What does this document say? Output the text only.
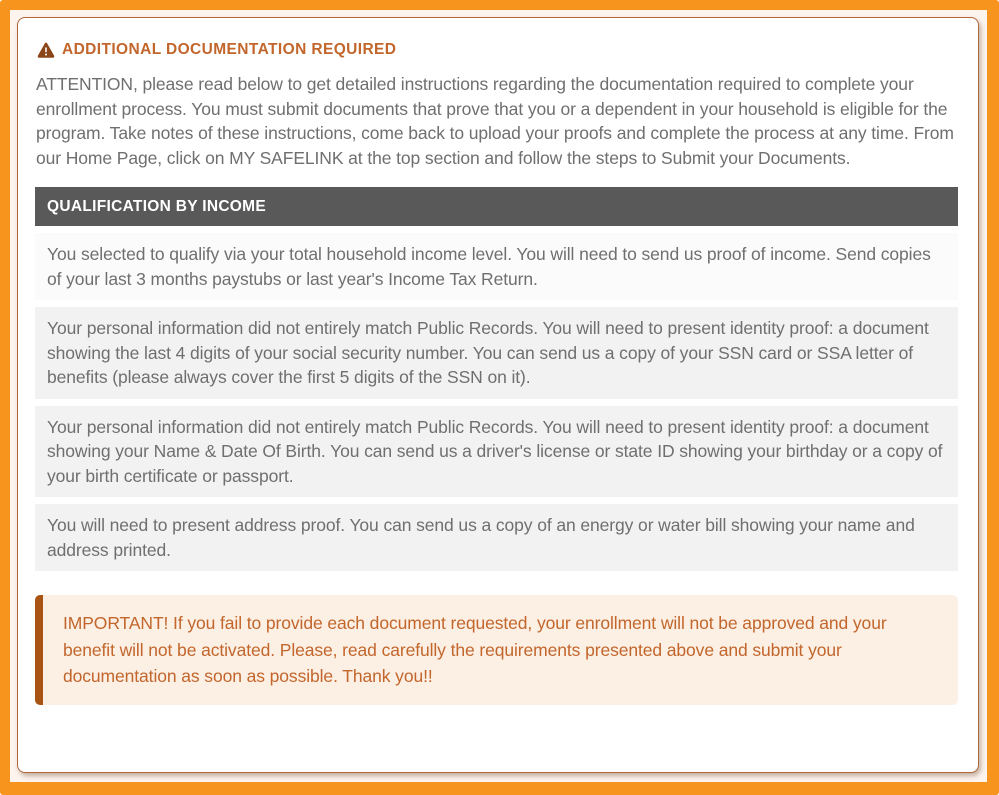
ADDITIONAL DOCUMENTATION REQUIRED

ATTENTION, please read below to get detailed instructions regarding the documentation required to complete your enrollment process. You must submit documents that prove that you or a dependent in your household is eligible for the program. Take notes of these instructions, come back to upload your proofs and complete the process at any time. From our Home Page, click on MY SAFELINK at the top section and follow the steps to Submit your Documents.

QUALIFICATION BY INCOME
You selected to qualify via your total household income level. You will need to send us proof of income. Send copies of your last 3 months paystubs or last year's Income Tax Return.
Your personal information did not entirely match Public Records. You will need to present identity proof: a document showing the last 4 digits of your social security number. You can send us a copy of your SSN card or SSA letter of benefits (please always cover the first 5 digits of the SSN on it).
Your personal information did not entirely match Public Records. You will need to present identity proof: a document showing your Name & Date Of Birth. You can send us a driver's license or state ID showing your birthday or a copy of your birth certificate or passport.
You will need to present address proof. You can send us a copy of an energy or water bill showing your name and address printed.

IMPORTANT! If you fail to provide each document requested, your enrollment will not be approved and your benefit will not be activated. Please, read carefully the requirements presented above and submit your documentation as soon as possible. Thank you!!
